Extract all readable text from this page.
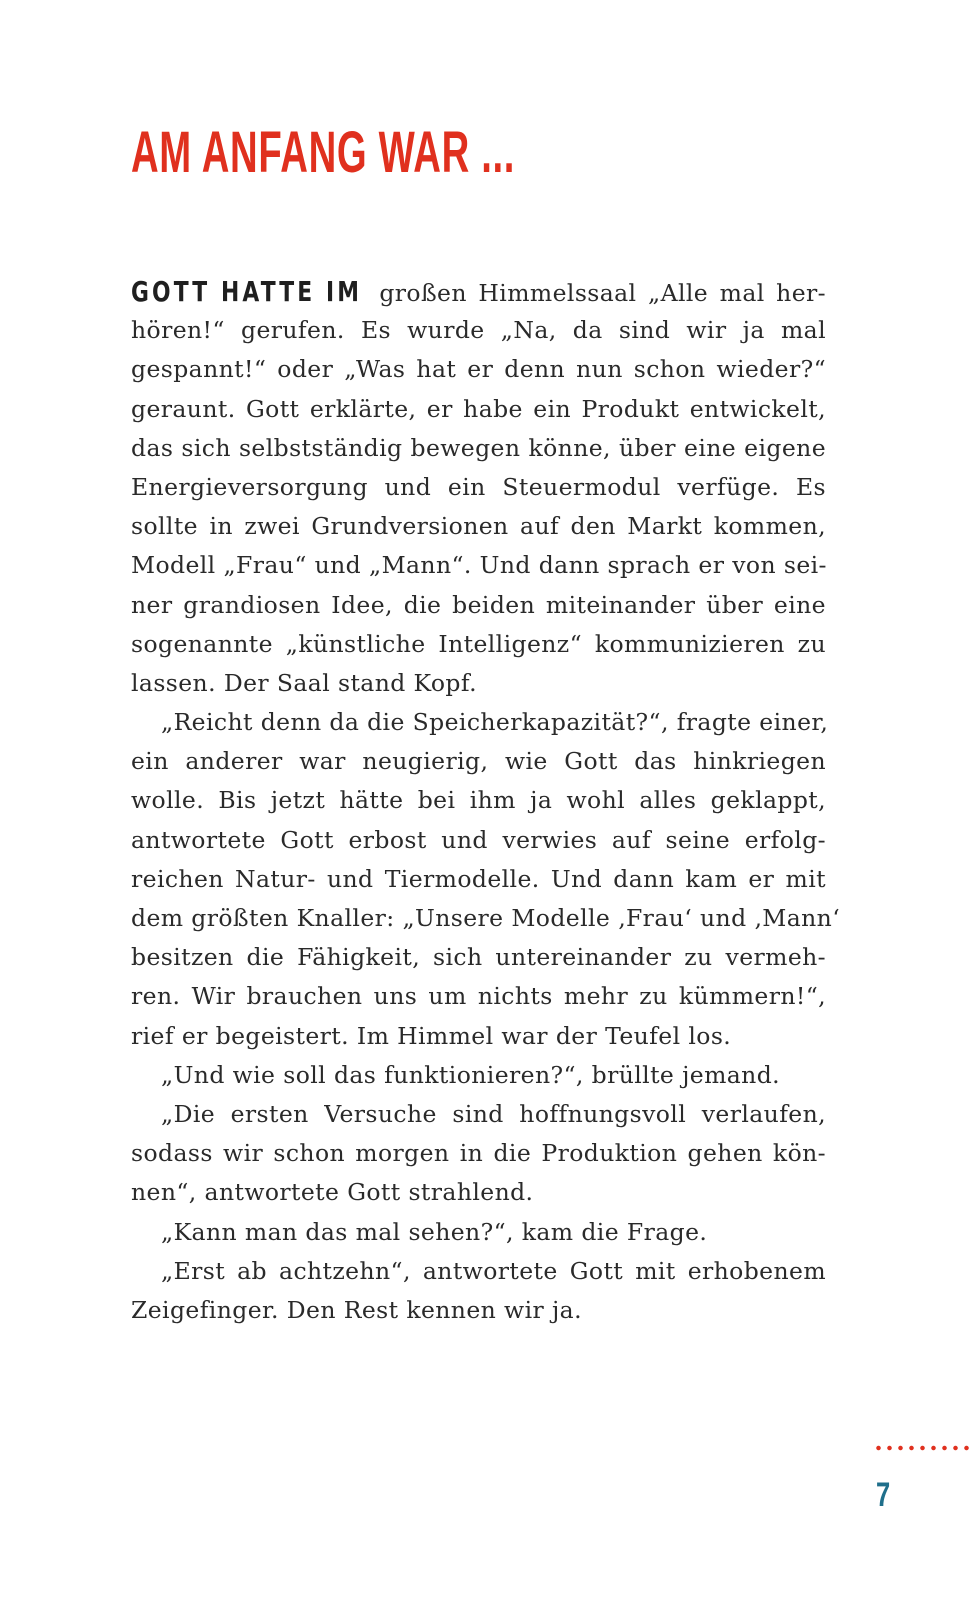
AM ANFANG WAR ...
GOTT HATTE IM großen Himmelssaal „Alle mal her-
hören!“ gerufen. Es wurde „Na, da sind wir ja mal
gespannt!“ oder „Was hat er denn nun schon wieder?“
geraunt. Gott erklärte, er habe ein Produkt entwickelt,
das sich selbstständig bewegen könne, über eine eigene
Energieversorgung und ein Steuermodul verfüge. Es
sollte in zwei Grundversionen auf den Markt kommen,
Modell „Frau“ und „Mann“. Und dann sprach er von sei-
ner grandiosen Idee, die beiden miteinander über eine
sogenannte „künstliche Intelligenz“ kommunizieren zu
lassen. Der Saal stand Kopf.
„Reicht denn da die Speicherkapazität?“, fragte einer,
ein anderer war neugierig, wie Gott das hinkriegen
wolle. Bis jetzt hätte bei ihm ja wohl alles geklappt,
antwortete Gott erbost und verwies auf seine erfolg-
reichen Natur- und Tiermodelle. Und dann kam er mit
dem größten Knaller: „Unsere Modelle ‚Frau‘ und ‚Mann‘
besitzen die Fähigkeit, sich untereinander zu vermeh-
ren. Wir brauchen uns um nichts mehr zu kümmern!“,
rief er begeistert. Im Himmel war der Teufel los.
„Und wie soll das funktionieren?“, brüllte jemand.
„Die ersten Versuche sind hoffnungsvoll verlaufen,
sodass wir schon morgen in die Produktion gehen kön-
nen“, antwortete Gott strahlend.
„Kann man das mal sehen?“, kam die Frage.
„Erst ab achtzehn“, antwortete Gott mit erhobenem
Zeigefinger. Den Rest kennen wir ja.
7
